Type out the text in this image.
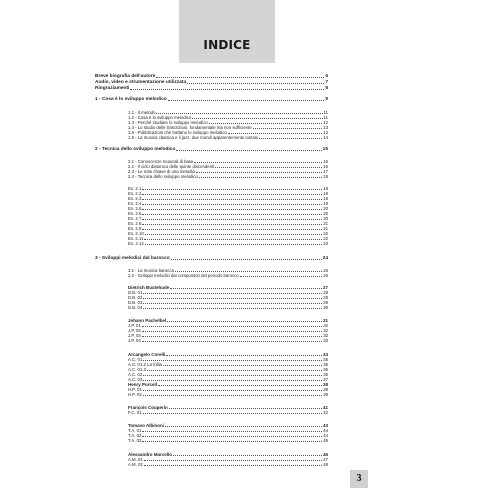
INDICE
Breve biografia dell'autore	6
Audio, video e strumentazione utilizzata	7
Ringraziamenti	8
1 - Cosa è lo sviluppo melodico	9
1.1 - Il metodo	11
1.2 - Cosa è lo sviluppo melodico	11
1.3 - Perché studiare lo sviluppo melodico	12
1.4 - Lo studio delle trascrizioni, fondamentale ma non sufficiente	13
1.5 - Pubblicazioni che trattano lo sviluppo melodico	13
1.6 - La musica classica e il jazz, due mondi apparentemente lontani	14
2 - Tecnica dello sviluppo melodico	15
2.1 - Conoscenze musicali di base	16
2.2 - Il ciclo diatonico delle quinte discendenti	16
2.3 - Le note chiave di una melodia	17
2.4 - Tecnica dello sviluppo melodico	18
Es. 2.1	18
Es. 2.2	18
Es. 2.3	18
Es. 2.4	19
Es. 2.5	20
Es. 2.6	20
Es. 2.7	20
Es. 2.8	21
Es. 2.9	21
Es. 2.10	22
Es. 2.11	22
Es. 2.12	23
3 - Sviluppi melodici dal barocco	24
3.1 - La musica barocca	25
3.2 - Sviluppi melodici dai compositori del periodo barocco	26
Dietrich Buxtehude	27
D.B. 01	28
D.B. 02	28
D.B. 03	29
D.B. 04	30
Johann Pachelbel	31
J.P. 01	32
J.P. 02	32
J.P. 03	32
J.P. 04	33
Arcangelo Corelli	34
A.C. 01	35
A.C. 01.2 La follia	35
A.C. 01.3	36
A.C. 02	36
A.C. 03	37
Henry Purcell	38
H.P. 01	39
H.P. 02	39
François Couperin	41
F.C. 01	42
Tomaso Albinoni	43
T.A. 01	44
T.A. 02	44
T.A. 03	45
Alessandro Marcello	46
A.M. 01	47
A.M. 02	48
3
